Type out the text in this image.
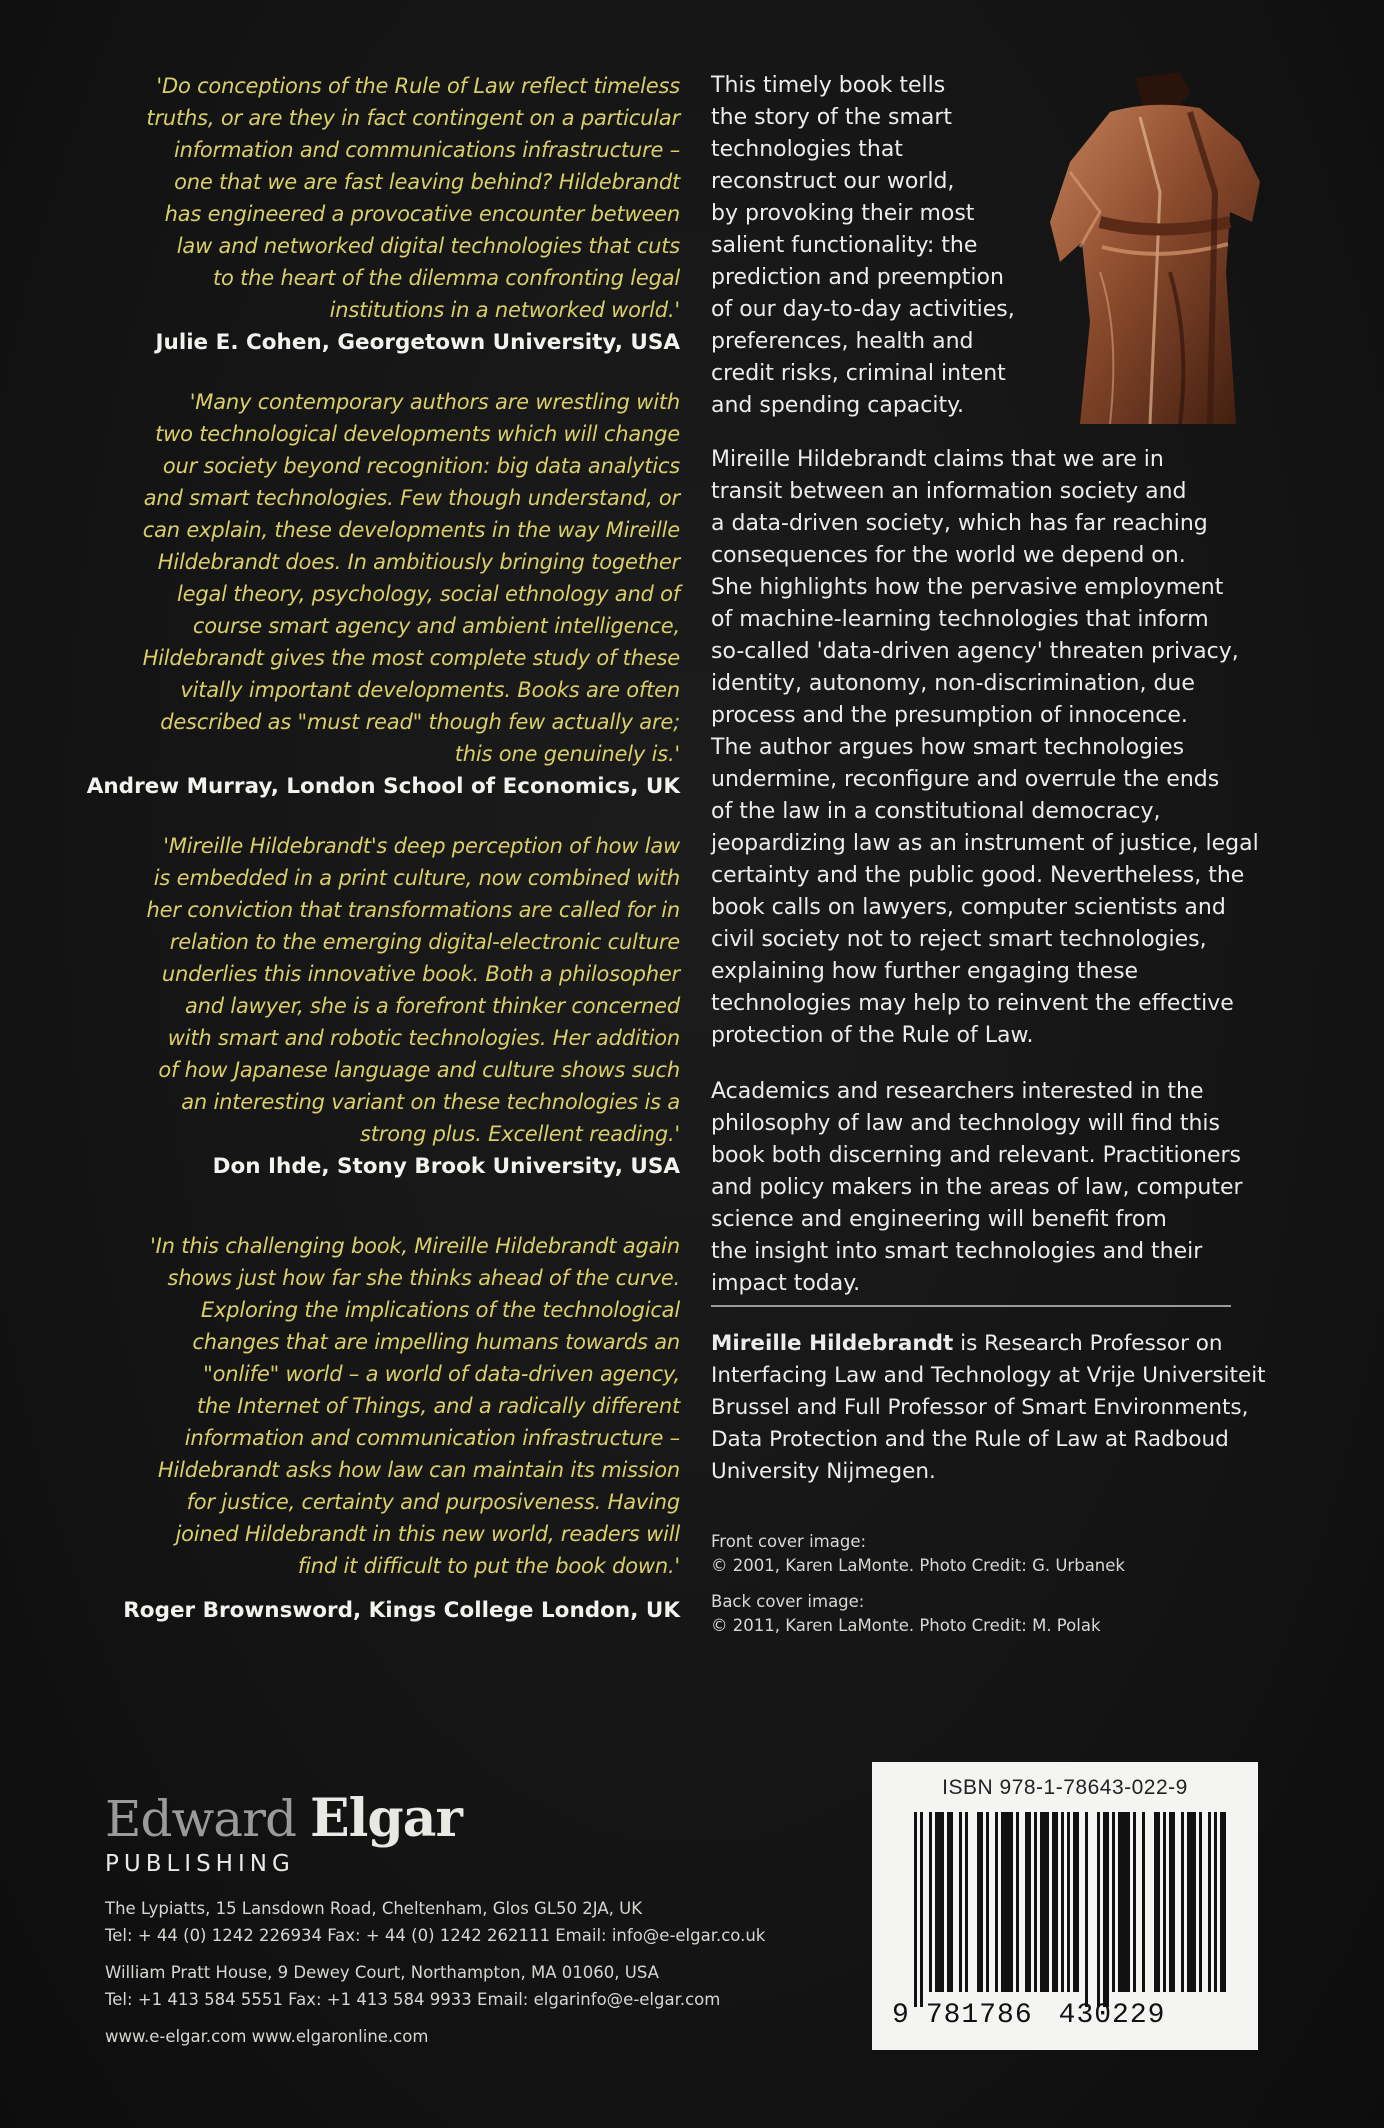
'Do conceptions of the Rule of Law reflect timeless
truths, or are they in fact contingent on a particular
information and communications infrastructure –
one that we are fast leaving behind? Hildebrandt
has engineered a provocative encounter between
law and networked digital technologies that cuts
to the heart of the dilemma confronting legal
institutions in a networked world.'

Julie E. Cohen, Georgetown University, USA

'Many contemporary authors are wrestling with
two technological developments which will change
our society beyond recognition: big data analytics
and smart technologies. Few though understand, or
can explain, these developments in the way Mireille
Hildebrandt does. In ambitiously bringing together
legal theory, psychology, social ethnology and of
course smart agency and ambient intelligence,
Hildebrandt gives the most complete study of these
vitally important developments. Books are often
described as "must read" though few actually are;
this one genuinely is.'

Andrew Murray, London School of Economics, UK

'Mireille Hildebrandt's deep perception of how law
is embedded in a print culture, now combined with
her conviction that transformations are called for in
relation to the emerging digital-electronic culture
underlies this innovative book. Both a philosopher
and lawyer, she is a forefront thinker concerned
with smart and robotic technologies. Her addition
of how Japanese language and culture shows such
an interesting variant on these technologies is a
strong plus. Excellent reading.'

Don Ihde, Stony Brook University, USA

'In this challenging book, Mireille Hildebrandt again
shows just how far she thinks ahead of the curve.
Exploring the implications of the technological
changes that are impelling humans towards an
"onlife" world – a world of data-driven agency,
the Internet of Things, and a radically different
information and communication infrastructure –
Hildebrandt asks how law can maintain its mission
for justice, certainty and purposiveness. Having
joined Hildebrandt in this new world, readers will
find it difficult to put the book down.'

Roger Brownsword, Kings College London, UK

This timely book tells
the story of the smart
technologies that
reconstruct our world,
by provoking their most
salient functionality: the
prediction and preemption
of our day-to-day activities,
preferences, health and
credit risks, criminal intent
and spending capacity.

Mireille Hildebrandt claims that we are in
transit between an information society and
a data-driven society, which has far reaching
consequences for the world we depend on.
She highlights how the pervasive employment
of machine-learning technologies that inform
so-called 'data-driven agency' threaten privacy,
identity, autonomy, non-discrimination, due
process and the presumption of innocence.
The author argues how smart technologies
undermine, reconfigure and overrule the ends
of the law in a constitutional democracy,
jeopardizing law as an instrument of justice, legal
certainty and the public good. Nevertheless, the
book calls on lawyers, computer scientists and
civil society not to reject smart technologies,
explaining how further engaging these
technologies may help to reinvent the effective
protection of the Rule of Law.

Academics and researchers interested in the
philosophy of law and technology will find this
book both discerning and relevant. Practitioners
and policy makers in the areas of law, computer
science and engineering will benefit from
the insight into smart technologies and their
impact today.

Mireille Hildebrandt is Research Professor on
Interfacing Law and Technology at Vrije Universiteit
Brussel and Full Professor of Smart Environments,
Data Protection and the Rule of Law at Radboud
University Nijmegen.
Front cover image:
© 2001, Karen LaMonte. Photo Credit: G. Urbanek
Back cover image:
© 2011, Karen LaMonte. Photo Credit: M. Polak
Edward Elgar
PUBLISHING
The Lypiatts, 15 Lansdown Road, Cheltenham, Glos GL50 2JA, UK
Tel: + 44 (0) 1242 226934 Fax: + 44 (0) 1242 262111 Email: info@e-elgar.co.uk
William Pratt House, 9 Dewey Court, Northampton, MA 01060, USA
Tel: +1 413 584 5551 Fax: +1 413 584 9933 Email: elgarinfo@e-elgar.com
www.e-elgar.com www.elgaronline.com
ISBN 978-1-78643-022-9
9 781786 430229
